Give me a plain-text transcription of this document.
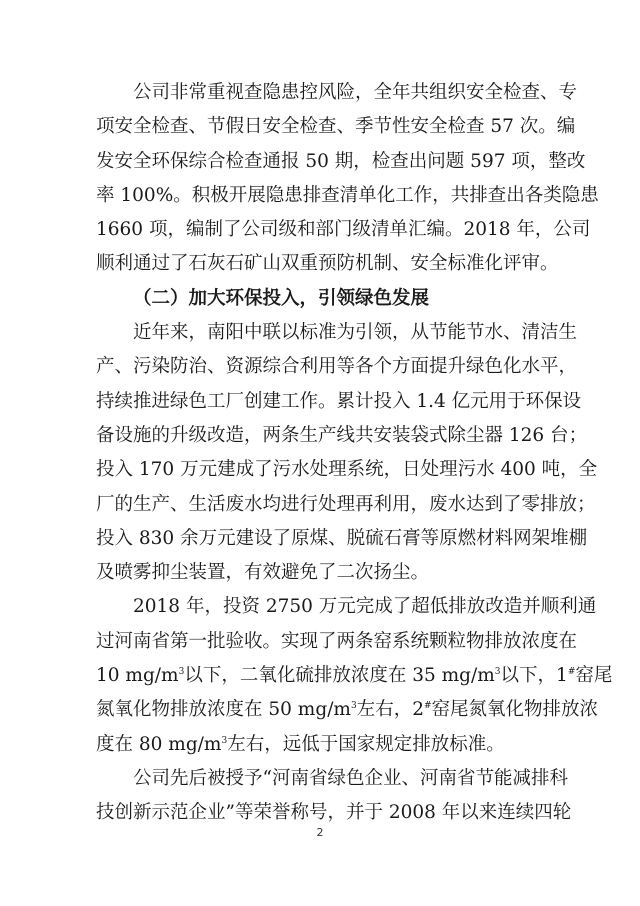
公司非常重视查隐患控风险，全年共组织安全检查、专
项安全检查、节假日安全检查、季节性安全检查 57 次。编
发安全环保综合检查通报 50 期，检查出问题 597 项，整改
率 100%。积极开展隐患排查清单化工作，共排查出各类隐患
1660 项，编制了公司级和部门级清单汇编。2018 年，公司
顺利通过了石灰石矿山双重预防机制、安全标准化评审。
（二）加大环保投入，引领绿色发展
近年来，南阳中联以标准为引领，从节能节水、清洁生
产、污染防治、资源综合利用等各个方面提升绿色化水平，
持续推进绿色工厂创建工作。累计投入 1.4 亿元用于环保设
备设施的升级改造，两条生产线共安装袋式除尘器 126 台；
投入 170 万元建成了污水处理系统，日处理污水 400 吨，全
厂的生产、生活废水均进行处理再利用，废水达到了零排放；
投入 830 余万元建设了原煤、脱硫石膏等原燃材料网架堆棚
及喷雾抑尘装置，有效避免了二次扬尘。
2018 年，投资 2750 万元完成了超低排放改造并顺利通
过河南省第一批验收。实现了两条窑系统颗粒物排放浓度在
10 $mg/m^3$以下，二氧化硫排放浓度在 35 $mg/m^3$以下，1#窑尾
氮氧化物排放浓度在 50 $mg/m^3$左右，2#窑尾氮氧化物排放浓
度在 80 $mg/m^3$左右，远低于国家规定排放标准。
公司先后被授予“河南省绿色企业、河南省节能减排科
技创新示范企业”等荣誉称号，并于 2008 年以来连续四轮
2
